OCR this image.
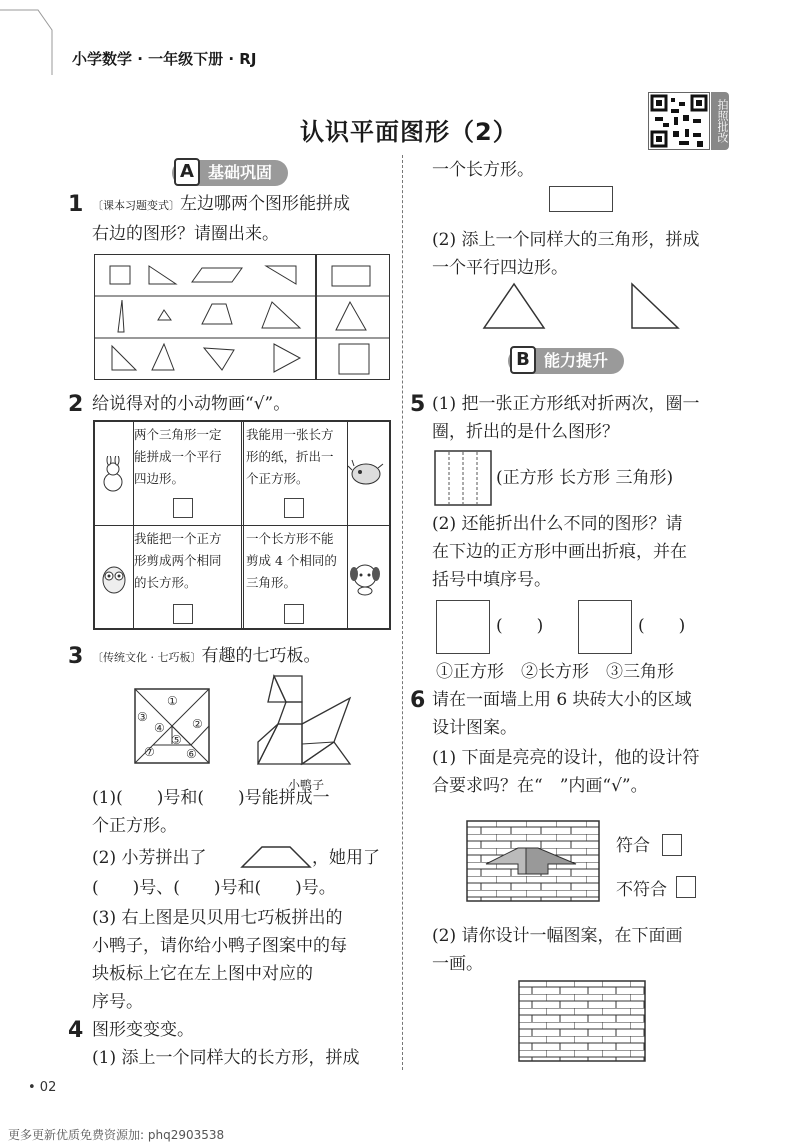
小学数学 · 一年级下册 · RJ
认识平面图形（2）	拍照批改
A 基础巩固
1 〔课本习题变式〕左边哪两个图形能拼成
右边的图形？请圈出来。
2 给说得对的小动物画“√”。
两个三角形一定能拼成一个平行四边形。
我能用一张长方形的纸，折出一个正方形。
我能把一个正方形剪成两个相同的长方形。
一个长方形不能剪成 4 个相同的三角形。
3 〔传统文化 · 七巧板〕有趣的七巧板。
①
②
③
④
⑤
⑥
⑦
小鸭子
(1)(　　)号和(　　)号能拼成一
个正方形。
(2) 小芳拼出了	，她用了
(　　)号、(　　)号和(　　)号。
(3) 右上图是贝贝用七巧板拼出的
小鸭子，请你给小鸭子图案中的每
块板标上它在左上图中对应的
序号。
4 图形变变变。
(1) 添上一个同样大的长方形，拼成
一个长方形。
(2) 添上一个同样大的三角形，拼成
一个平行四边形。
B 能力提升
5 (1) 把一张正方形纸对折两次，圈一
圈，折出的是什么图形？
(正方形 长方形 三角形)
(2) 还能折出什么不同的图形？请
在下边的正方形中画出折痕，并在
括号中填序号。
(　　)	(　　)
①正方形　②长方形　③三角形
6 请在一面墙上用 6 块砖大小的区域
设计图案。
(1) 下面是亮亮的设计，他的设计符
合要求吗？在“　”内画“√”。
符合
不符合
(2) 请你设计一幅图案，在下面画
一画。
• 02
更多更新优质免费资源加: phq2903538
